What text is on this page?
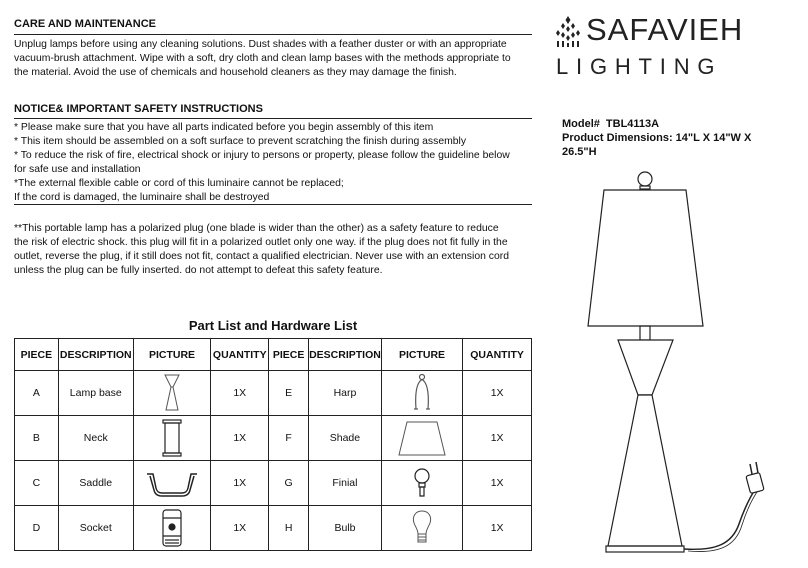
CARE AND MAINTENANCE
Unplug lamps before using any cleaning solutions. Dust shades with a feather duster or with an appropriate
vacuum-brush attachment. Wipe with a soft, dry cloth and clean lamp bases with the methods appropriate to
the material. Avoid the use of chemicals and household cleaners as they may damage the finish.
NOTICE& IMPORTANT SAFETY INSTRUCTIONS
* Please make sure that you have all parts indicated before you begin assembly of this item
* This item should be assembled on a soft surface to prevent scratching the finish during assembly
* To reduce the risk of fire, electrical shock or injury to persons or property, please follow the guideline below
for safe use and installation
*The external flexible cable or cord of this luminaire cannot be replaced;
If the cord is damaged, the luminaire shall be destroyed
**This portable lamp has a polarized plug (one blade is wider than the other) as a safety feature to reduce
the risk of electric shock. this plug will fit in a polarized outlet only one way. if the plug does not fit fully in the
outlet, reverse the plug, if it still does not fit, contact a qualified electrician. Never use with an extension cord
unless the plug can be fully inserted. do not attempt to defeat this safety feature.
SAFAVIEH
LIGHTING
Model# TBL4113A
Product Dimensions: 14"L X 14"W X
26.5"H
Part List and Hardware List
PIECE	DESCRIPTION	PICTURE	QUANTITY	PIECE	DESCRIPTION	PICTURE	QUANTITY
A	Lamp base		1X	E	Harp		1X
B	Neck		1X	F	Shade		1X
C	Saddle		1X	G	Finial		1X
D	Socket		1X	H	Bulb		1X
